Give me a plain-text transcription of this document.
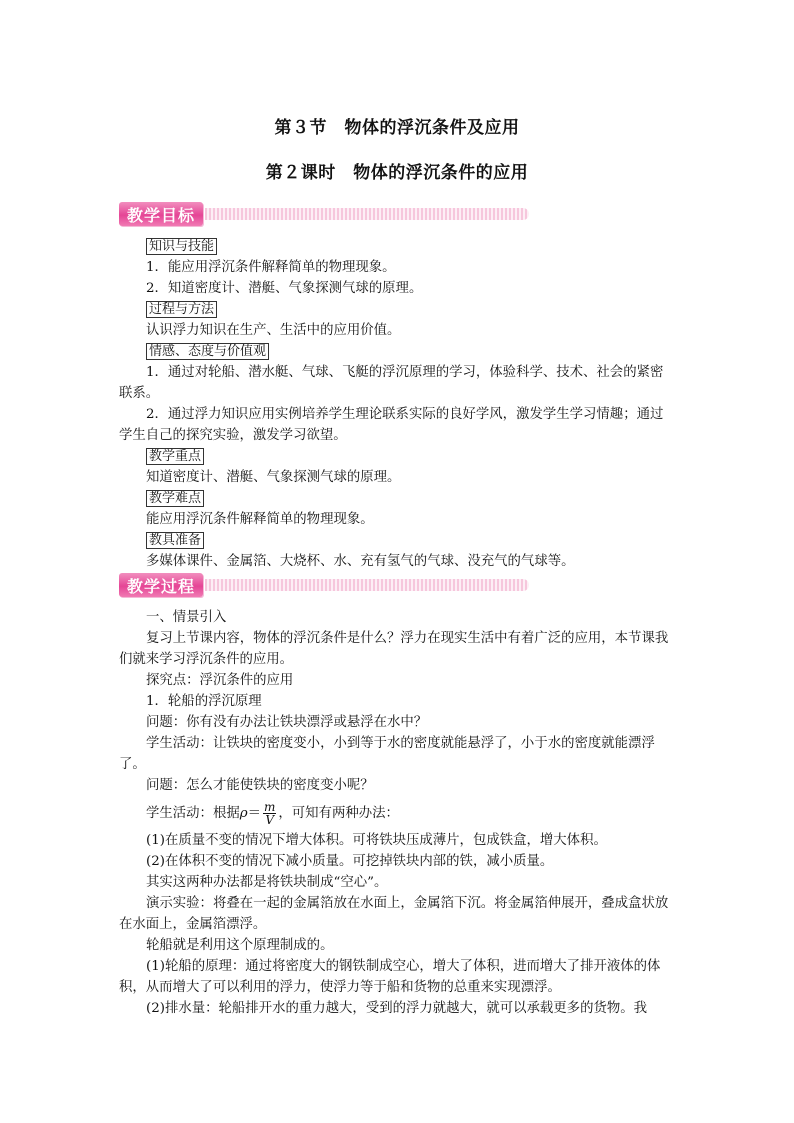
第３节　物体的浮沉条件及应用
第２课时　物体的浮沉条件的应用
教学目标

知识与技能

1．能应用浮沉条件解释简单的物理现象。

2．知道密度计、潜艇、气象探测气球的原理。

过程与方法

认识浮力知识在生产、生活中的应用价值。

情感、态度与价值观

1．通过对轮船、潜水艇、气球、飞艇的浮沉原理的学习，体验科学、技术、社会的紧密联系。

2．通过浮力知识应用实例培养学生理论联系实际的良好学风，激发学生学习情趣；通过学生自己的探究实验，激发学习欲望。

教学重点

知道密度计、潜艇、气象探测气球的原理。

教学难点

能应用浮沉条件解释简单的物理现象。

教具准备

多媒体课件、金属箔、大烧杯、水、充有氢气的气球、没充气的气球等。

教学过程

一、情景引入

复习上节课内容，物体的浮沉条件是什么？浮力在现实生活中有着广泛的应用，本节课我们就来学习浮沉条件的应用。

探究点：浮沉条件的应用

1．轮船的浮沉原理

问题：你有没有办法让铁块漂浮或悬浮在水中？

学生活动：让铁块的密度变小，小到等于水的密度就能悬浮了，小于水的密度就能漂浮了。

问题：怎么才能使铁块的密度变小呢？

学生活动：根据 $\rho = \frac{m}{V}$ ，可知有两种办法：

(1)在质量不变的情况下增大体积。可将铁块压成薄片，包成铁盒，增大体积。

(2)在体积不变的情况下减小质量。可挖掉铁块内部的铁，减小质量。

其实这两种办法都是将铁块制成“空心”。

演示实验：将叠在一起的金属箔放在水面上，金属箔下沉。将金属箔伸展开，叠成盒状放在水面上，金属箔漂浮。

轮船就是利用这个原理制成的。

(1)轮船的原理：通过将密度大的钢铁制成空心，增大了体积，进而增大了排开液体的体积，从而增大了可以利用的浮力，使浮力等于船和货物的总重来实现漂浮。

(2)排水量：轮船排开水的重力越大，受到的浮力就越大，就可以承载更多的货物。我
